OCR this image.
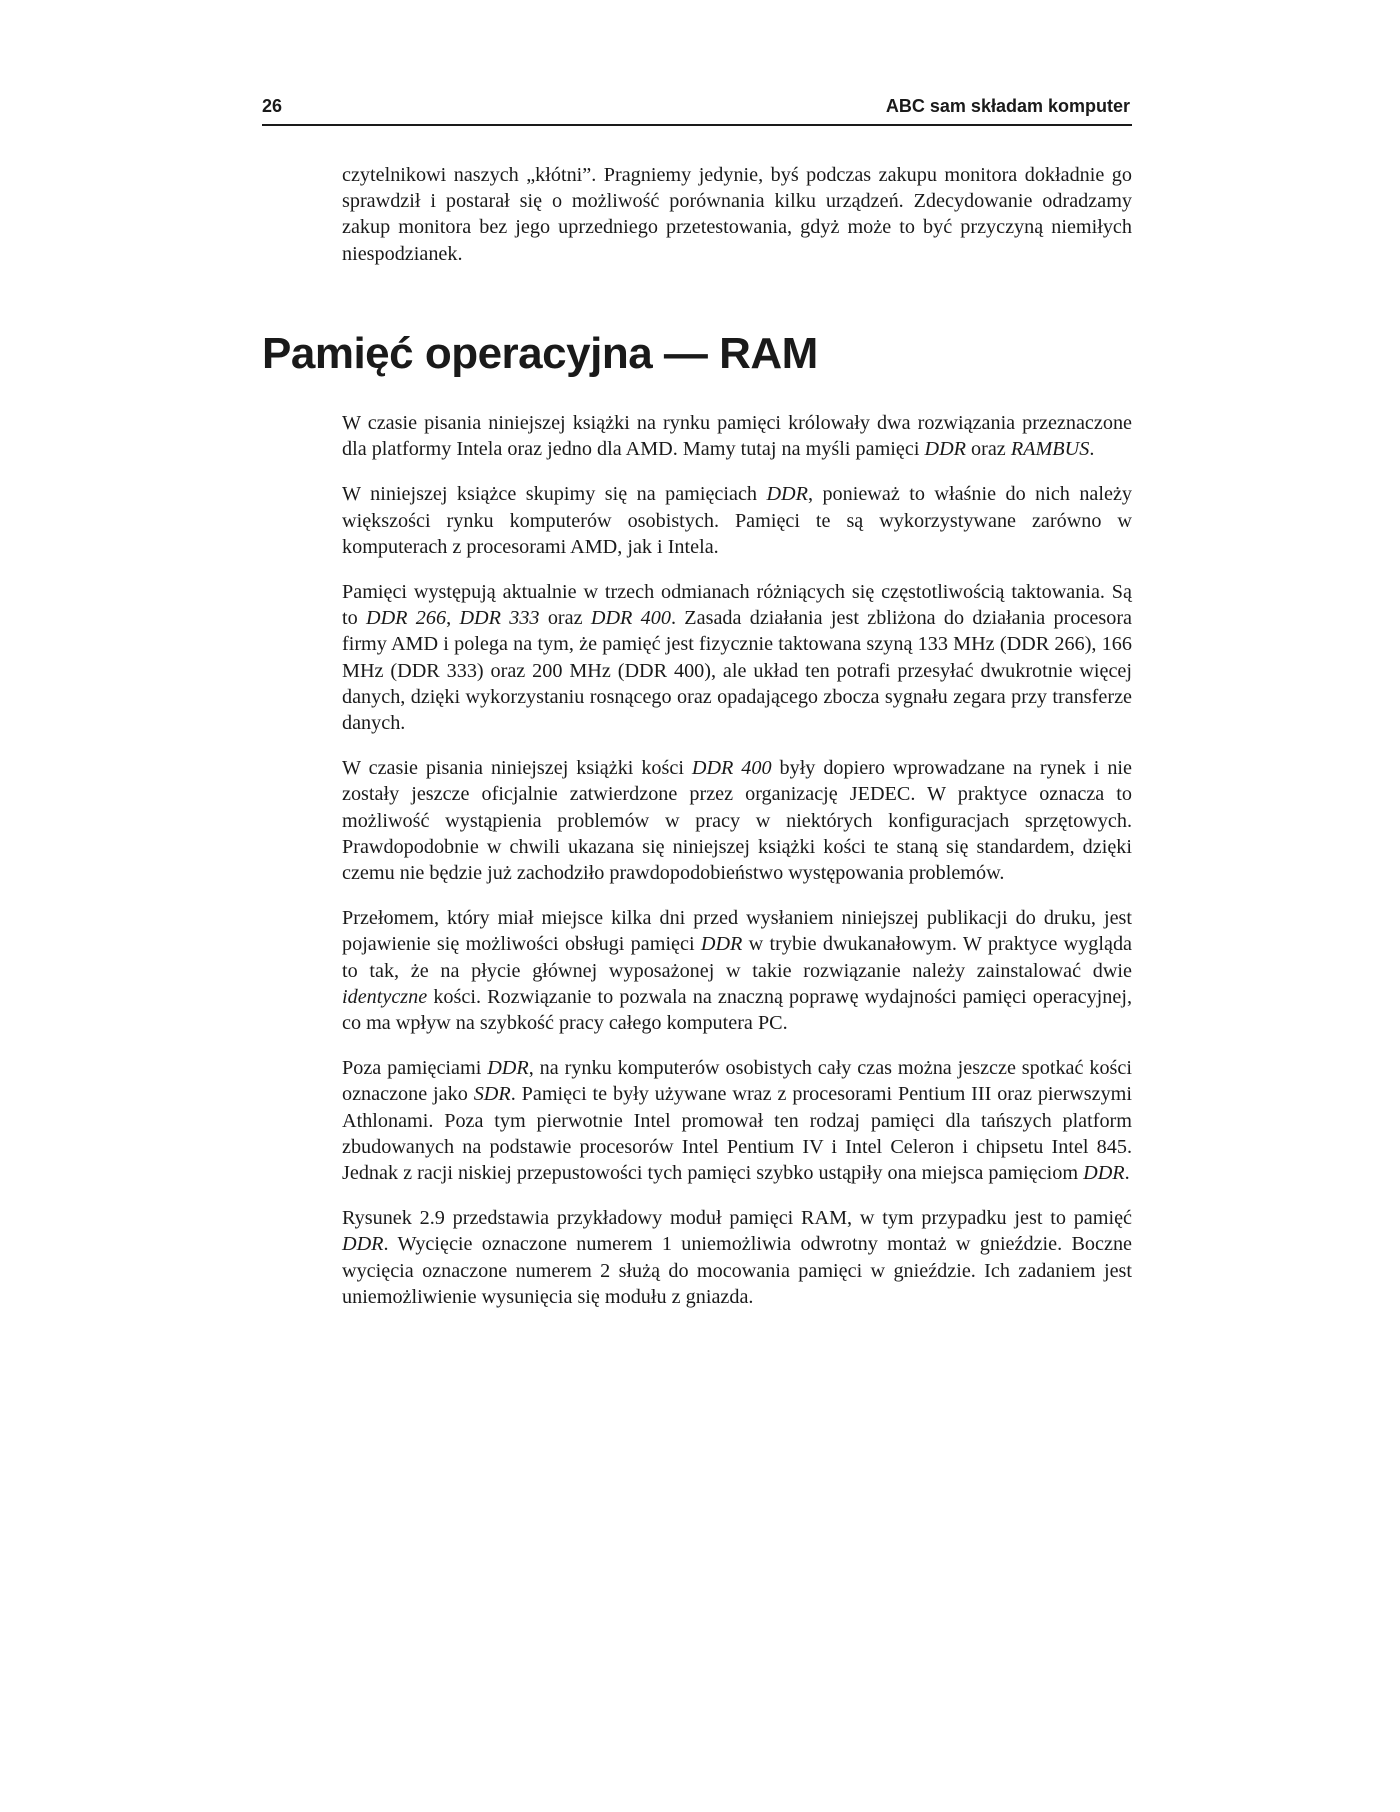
26	ABC sam składam komputer

czytelnikowi naszych „kłótni”. Pragniemy jedynie, byś podczas zakupu monitora dokładnie go sprawdził i postarał się o możliwość porównania kilku urządzeń. Zdecydowanie odradzamy zakup monitora bez jego uprzedniego przetestowania, gdyż może to być przyczyną niemiłych niespodzianek.

Pamięć operacyjna — RAM

W czasie pisania niniejszej książki na rynku pamięci królowały dwa rozwiązania przeznaczone dla platformy Intela oraz jedno dla AMD. Mamy tutaj na myśli pamięci DDR oraz RAMBUS.

W niniejszej książce skupimy się na pamięciach DDR, ponieważ to właśnie do nich należy większości rynku komputerów osobistych. Pamięci te są wykorzystywane zarówno w komputerach z procesorami AMD, jak i Intela.

Pamięci występują aktualnie w trzech odmianach różniących się częstotliwością taktowania. Są to DDR 266, DDR 333 oraz DDR 400. Zasada działania jest zbliżona do działania procesora firmy AMD i polega na tym, że pamięć jest fizycznie taktowana szyną 133 MHz (DDR 266), 166 MHz (DDR 333) oraz 200 MHz (DDR 400), ale układ ten potrafi przesyłać dwukrotnie więcej danych, dzięki wykorzystaniu rosnącego oraz opadającego zbocza sygnału zegara przy transferze danych.

W czasie pisania niniejszej książki kości DDR 400 były dopiero wprowadzane na rynek i nie zostały jeszcze oficjalnie zatwierdzone przez organizację JEDEC. W praktyce oznacza to możliwość wystąpienia problemów w pracy w niektórych konfiguracjach sprzętowych. Prawdopodobnie w chwili ukazana się niniejszej książki kości te staną się standardem, dzięki czemu nie będzie już zachodziło prawdopodobieństwo występowania problemów.

Przełomem, który miał miejsce kilka dni przed wysłaniem niniejszej publikacji do druku, jest pojawienie się możliwości obsługi pamięci DDR w trybie dwukanałowym. W praktyce wygląda to tak, że na płycie głównej wyposażonej w takie rozwiązanie należy zainstalować dwie identyczne kości. Rozwiązanie to pozwala na znaczną poprawę wydajności pamięci operacyjnej, co ma wpływ na szybkość pracy całego komputera PC.

Poza pamięciami DDR, na rynku komputerów osobistych cały czas można jeszcze spotkać kości oznaczone jako SDR. Pamięci te były używane wraz z procesorami Pentium III oraz pierwszymi Athlonami. Poza tym pierwotnie Intel promował ten rodzaj pamięci dla tańszych platform zbudowanych na podstawie procesorów Intel Pentium IV i Intel Celeron i chipsetu Intel 845. Jednak z racji niskiej przepustowości tych pamięci szybko ustąpiły ona miejsca pamięciom DDR.

Rysunek 2.9 przedstawia przykładowy moduł pamięci RAM, w tym przypadku jest to pamięć DDR. Wycięcie oznaczone numerem 1 uniemożliwia odwrotny montaż w gnieździe. Boczne wycięcia oznaczone numerem 2 służą do mocowania pamięci w gnieździe. Ich zadaniem jest uniemożliwienie wysunięcia się modułu z gniazda.
